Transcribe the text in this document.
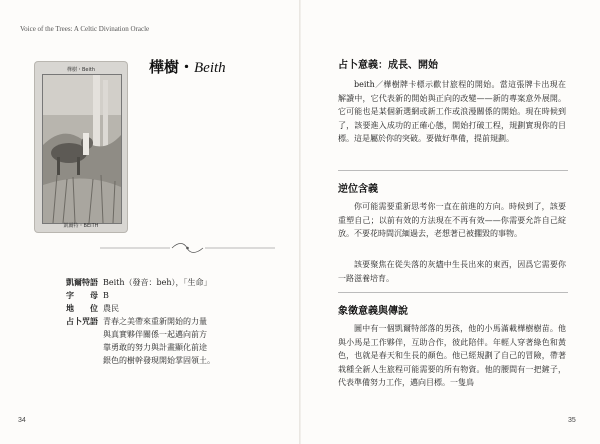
Voice of the Trees: A Celtic Divination Oracle
樺樹・Beith
凱爾特・BEITH
樺樹・Beith
凱爾特語 Beith（發音：beh），「生命」
字　　母 B
地　　位 農民
占卜咒語 青春之美帶來重新開始的力量
與真實夥伴關係一起邁向前方
靠勇敢的努力與計畫顯化前途
銀色的樹幹發現開始掌固領土。
34
占卜意義：成長、開始
beith／樺樹牌卡標示歡甘旅程的開始。當這張牌卡出現在解讀中，它代表新的開始與正向的改變——新的專案意外展開。它可能也是某個新選網或新工作或浪漫關係的開始。現在時候到了，該要進入成功的正確心態，開始打破工程，規劃實現你的目標。這是屬於你的突破。要做好準備，提前規劃。
逆位含義
你可能需要重新思考你一直在前進的方向。時候到了，該要重塑自己；以前有效的方法現在不再有效——你需要允許自己綻放。不要花時間沉緬過去，老想著已被擱毀的事物。
該要聚焦在從失落的灰燼中生長出來的東西，因爲它需要你一路滋養培育。
象徵意義與傳說
圖中有一個凱爾特部落的男孩，他的小馬滿載樺樹樹苗。他與小馬是工作夥伴，互助合作，彼此陪伴。年輕人穿著綠色和黃色，也就是春天和生長的顏色。他已經規劃了自己的冒險，帶著栽種全新人生旅程可能需要的所有物資。他的腰間有一把鏟子，代表準備努力工作，邁向目標。一隻鳥
35
